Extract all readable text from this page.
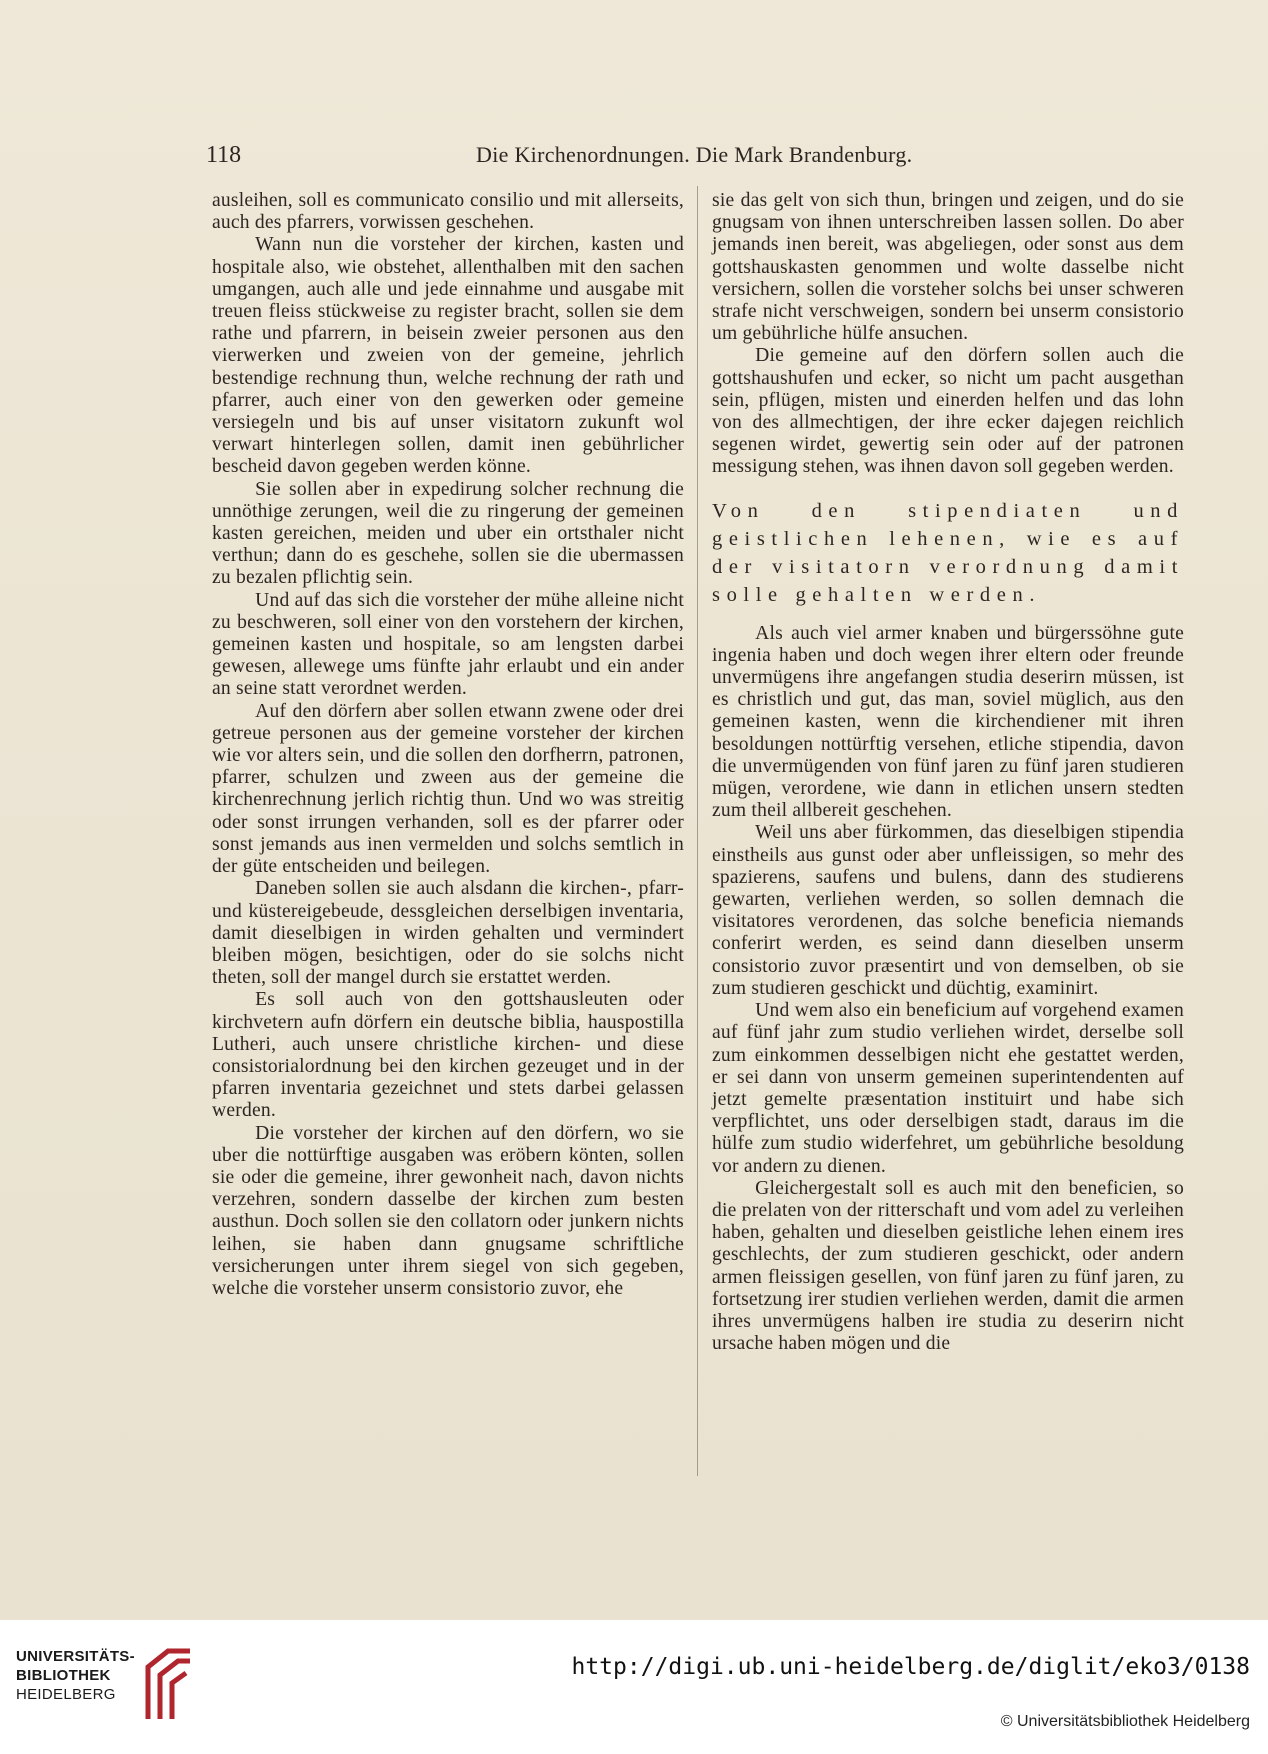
118	Die Kirchenordnungen. Die Mark Brandenburg.

ausleihen, soll es communicato consilio und mit allerseits, auch des pfarrers, vorwissen geschehen.

Wann nun die vorsteher der kirchen, kasten und hospitale also, wie obstehet, allenthalben mit den sachen umgangen, auch alle und jede einnahme und ausgabe mit treuen fleiss stückweise zu register bracht, sollen sie dem rathe und pfarrern, in beisein zweier personen aus den vierwerken und zweien von der gemeine, jehrlich bestendige rechnung thun, welche rechnung der rath und pfarrer, auch einer von den gewerken oder gemeine versiegeln und bis auf unser visitatorn zukunft wol verwart hinterlegen sollen, damit inen gebührlicher bescheid davon gegeben werden könne.

Sie sollen aber in expedirung solcher rechnung die unnöthige zerungen, weil die zu ringerung der gemeinen kasten gereichen, meiden und uber ein ortsthaler nicht verthun; dann do es geschehe, sollen sie die ubermassen zu bezalen pflichtig sein.

Und auf das sich die vorsteher der mühe alleine nicht zu beschweren, soll einer von den vorstehern der kirchen, gemeinen kasten und hospitale, so am lengsten darbei gewesen, allewege ums fünfte jahr erlaubt und ein ander an seine statt verordnet werden.

Auf den dörfern aber sollen etwann zwene oder drei getreue personen aus der gemeine vorsteher der kirchen wie vor alters sein, und die sollen den dorfherrn, patronen, pfarrer, schulzen und zween aus der gemeine die kirchenrechnung jerlich richtig thun. Und wo was streitig oder sonst irrungen verhanden, soll es der pfarrer oder sonst jemands aus inen vermelden und solchs semtlich in der güte entscheiden und beilegen.

Daneben sollen sie auch alsdann die kirchen-, pfarr- und küstereigebeude, dessgleichen derselbigen inventaria, damit dieselbigen in wirden gehalten und vermindert bleiben mögen, besichtigen, oder do sie solchs nicht theten, soll der mangel durch sie erstattet werden.

Es soll auch von den gottshausleuten oder kirchvetern aufn dörfern ein deutsche biblia, hauspostilla Lutheri, auch unsere christliche kirchen- und diese consistorialordnung bei den kirchen gezeuget und in der pfarren inventaria gezeichnet und stets darbei gelassen werden.

Die vorsteher der kirchen auf den dörfern, wo sie uber die nottürftige ausgaben was eröbern könten, sollen sie oder die gemeine, ihrer gewonheit nach, davon nichts verzehren, sondern dasselbe der kirchen zum besten austhun. Doch sollen sie den collatorn oder junkern nichts leihen, sie haben dann gnugsame schriftliche versicherungen unter ihrem siegel von sich gegeben, welche die vorsteher unserm consistorio zuvor, ehe

sie das gelt von sich thun, bringen und zeigen, und do sie gnugsam von ihnen unterschreiben lassen sollen. Do aber jemands inen bereit, was abgeliegen, oder sonst aus dem gottshauskasten genommen und wolte dasselbe nicht versichern, sollen die vorsteher solchs bei unser schweren strafe nicht verschweigen, sondern bei unserm consistorio um gebührliche hülfe ansuchen.

Die gemeine auf den dörfern sollen auch die gottshaushufen und ecker, so nicht um pacht ausgethan sein, pflügen, misten und einerden helfen und das lohn von des allmechtigen, der ihre ecker dajegen reichlich segenen wirdet, gewertig sein oder auf der patronen messigung stehen, was ihnen davon soll gegeben werden.

Von den stipendiaten und geistlichen lehenen, wie es auf der visitatorn verordnung damit solle gehalten werden.

Als auch viel armer knaben und bürgerssöhne gute ingenia haben und doch wegen ihrer eltern oder freunde unvermügens ihre angefangen studia deserirn müssen, ist es christlich und gut, das man, soviel müglich, aus den gemeinen kasten, wenn die kirchendiener mit ihren besoldungen nottürftig versehen, etliche stipendia, davon die unvermügenden von fünf jaren zu fünf jaren studieren mügen, verordene, wie dann in etlichen unsern stedten zum theil allbereit geschehen.

Weil uns aber fürkommen, das dieselbigen stipendia einstheils aus gunst oder aber unfleissigen, so mehr des spazierens, saufens und bulens, dann des studierens gewarten, verliehen werden, so sollen demnach die visitatores verordenen, das solche beneficia niemands conferirt werden, es seind dann dieselben unserm consistorio zuvor præsentirt und von demselben, ob sie zum studieren geschickt und düchtig, examinirt.

Und wem also ein beneficium auf vorgehend examen auf fünf jahr zum studio verliehen wirdet, derselbe soll zum einkommen desselbigen nicht ehe gestattet werden, er sei dann von unserm gemeinen superintendenten auf jetzt gemelte præsentation instituirt und habe sich verpflichtet, uns oder derselbigen stadt, daraus im die hülfe zum studio widerfehret, um gebührliche besoldung vor andern zu dienen.

Gleichergestalt soll es auch mit den beneficien, so die prelaten von der ritterschaft und vom adel zu verleihen haben, gehalten und dieselben geistliche lehen einem ires geschlechts, der zum studieren geschickt, oder andern armen fleissigen gesellen, von fünf jaren zu fünf jaren, zu fortsetzung irer studien verliehen werden, damit die armen ihres unvermügens halben ire studia zu deserirn nicht ursache haben mögen und die

UNIVERSITÄTS-
BIBLIOTHEK
HEIDELBERG
http://digi.ub.uni-heidelberg.de/diglit/eko3/0138
© Universitätsbibliothek Heidelberg
